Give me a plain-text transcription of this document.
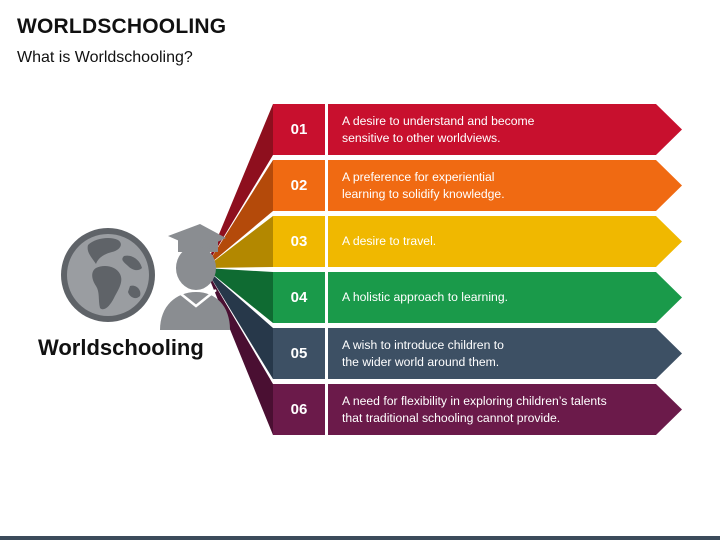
WORLDSCHOOLING
What is Worldschooling?
01	A desire to understand and become
sensitive to other worldviews.
02	A preference for experiential
learning to solidify knowledge.
03	A desire to travel.
04	A holistic approach to learning.
05	A wish to introduce children to
the wider world around them.
06	A need for flexibility in exploring children’s talents
that traditional schooling cannot provide.
Worldschooling
